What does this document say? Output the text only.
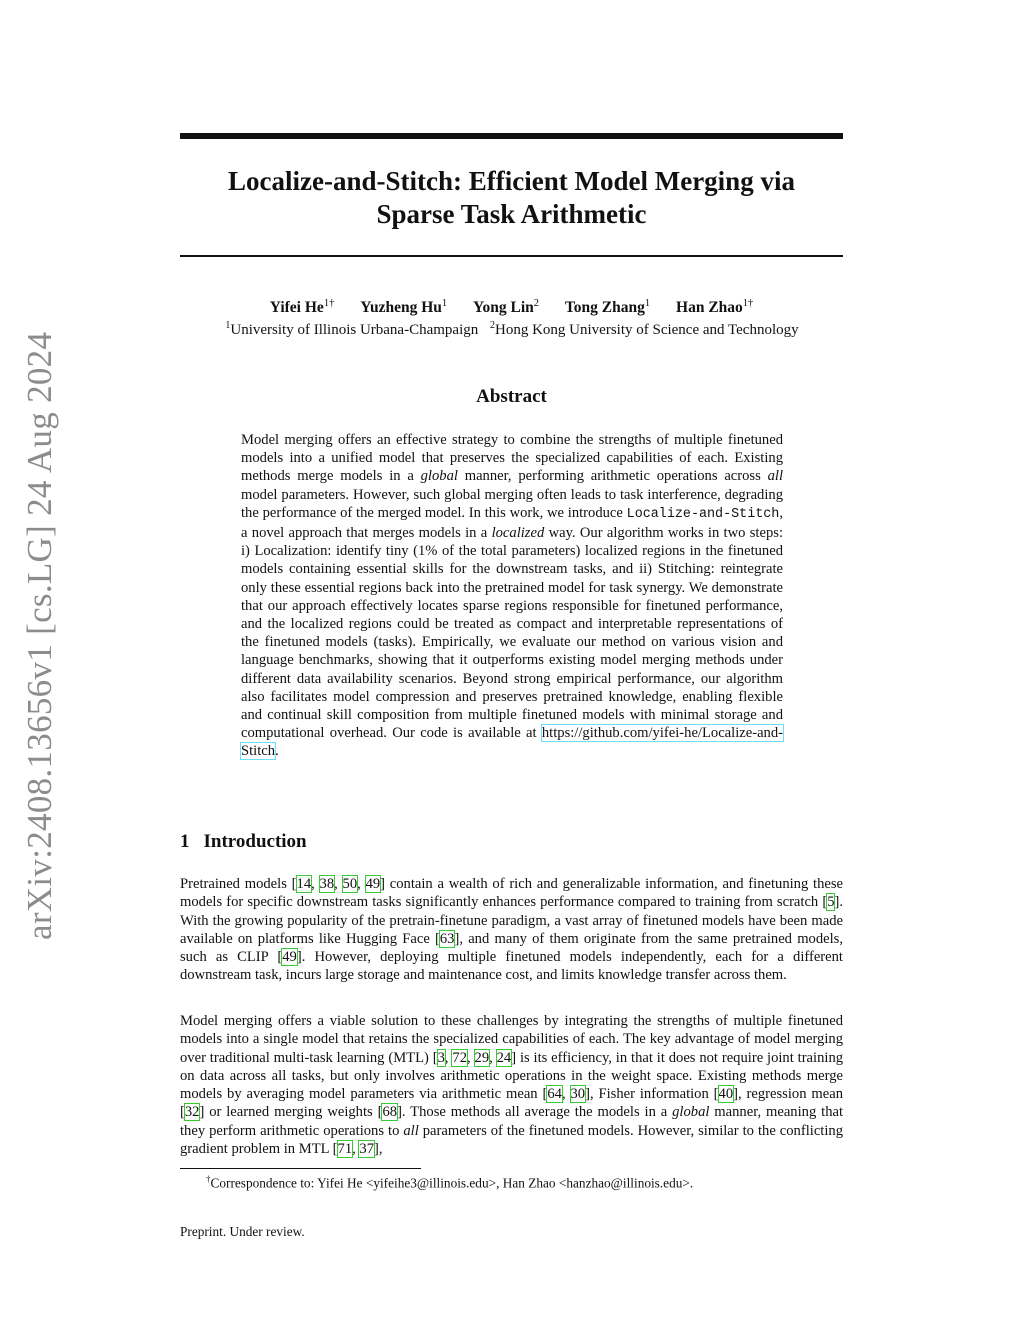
arXiv:2408.13656v1 [cs.LG] 24 Aug 2024
Localize-and-Stitch: Efficient Model Merging via
Sparse Task Arithmetic
Yifei $He^{1\dagger}$ Yuzheng Hu$^1$ Yong Lin$^2$ Tong Zhang$^1$ Han Zhao$^{1\dagger}$
$^1$University of Illinois Urbana-Champaign $^2$Hong Kong University of Science and Technology
Abstract
Model merging offers an effective strategy to combine the strengths of multiple finetuned models into a unified model that preserves the specialized capabilities of each. Existing methods merge models in a global manner, performing arithmetic operations across all model parameters. However, such global merging often leads to task interference, degrading the performance of the merged model. In this work, we introduce Localize-and-Stitch, a novel approach that merges models in a localized way. Our algorithm works in two steps: i) Localization: identify tiny (1% of the total parameters) localized regions in the finetuned models containing essential skills for the downstream tasks, and ii) Stitching: reintegrate only these essential regions back into the pretrained model for task synergy. We demonstrate that our approach effectively locates sparse regions responsible for finetuned performance, and the localized regions could be treated as compact and interpretable representations of the finetuned models (tasks). Empirically, we evaluate our method on various vision and language benchmarks, showing that it outperforms existing model merging methods under different data availability scenarios. Beyond strong empirical performance, our algorithm also facilitates model compression and preserves pretrained knowledge, enabling flexible and continual skill composition from multiple finetuned models with minimal storage and computational overhead. Our code is available at https://github.com/yifei-he/Localize-and-Stitch.
1 Introduction
Pretrained models [14, 38, 50, 49] contain a wealth of rich and generalizable information, and finetuning these models for specific downstream tasks significantly enhances performance compared to training from scratch [5]. With the growing popularity of the pretrain-finetune paradigm, a vast array of finetuned models have been made available on platforms like Hugging Face [63], and many of them originate from the same pretrained models, such as CLIP [49]. However, deploying multiple finetuned models independently, each for a different downstream task, incurs large storage and maintenance cost, and limits knowledge transfer across them.
Model merging offers a viable solution to these challenges by integrating the strengths of multiple finetuned models into a single model that retains the specialized capabilities of each. The key advantage of model merging over traditional multi-task learning (MTL) [3, 72, 29, 24] is its efficiency, in that it does not require joint training on data across all tasks, but only involves arithmetic operations in the weight space. Existing methods merge models by averaging model parameters via arithmetic mean [64, 30], Fisher information [40], regression mean [32] or learned merging weights [68]. Those methods all average the models in a global manner, meaning that they perform arithmetic operations to all parameters of the finetuned models. However, similar to the conflicting gradient problem in MTL [71, 37],
†Correspondence to: Yifei He <yifeihe3@illinois.edu>, Han Zhao <hanzhao@illinois.edu>.
Preprint. Under review.
